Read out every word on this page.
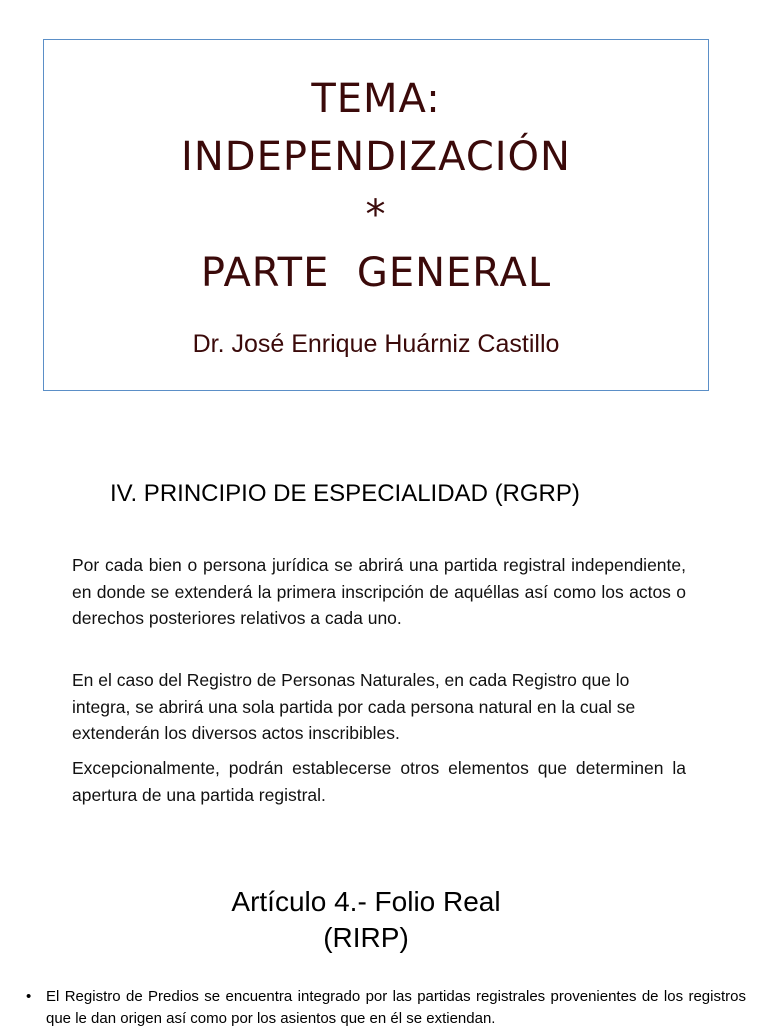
TEMA:

INDEPENDIZACIÓN

*

PARTE  GENERAL

Dr. José Enrique Huárniz Castillo
IV. PRINCIPIO DE ESPECIALIDAD (RGRP)

Por cada bien o persona jurídica se abrirá una partida registral independiente, en donde se extenderá la primera inscripción de aquéllas así como los actos o derechos posteriores relativos a cada uno.

En el caso del Registro de Personas Naturales, en cada Registro que lo integra, se abrirá una sola partida por cada persona natural en la cual se extenderán los diversos actos inscribibles.

Excepcionalmente, podrán establecerse otros elementos que determinen la apertura de una partida registral.

Artículo 4.- Folio Real
(RIRP)
• El Registro de Predios se encuentra integrado por las partidas registrales provenientes de los registros que le dan origen así como por los asientos que en él se extiendan.
